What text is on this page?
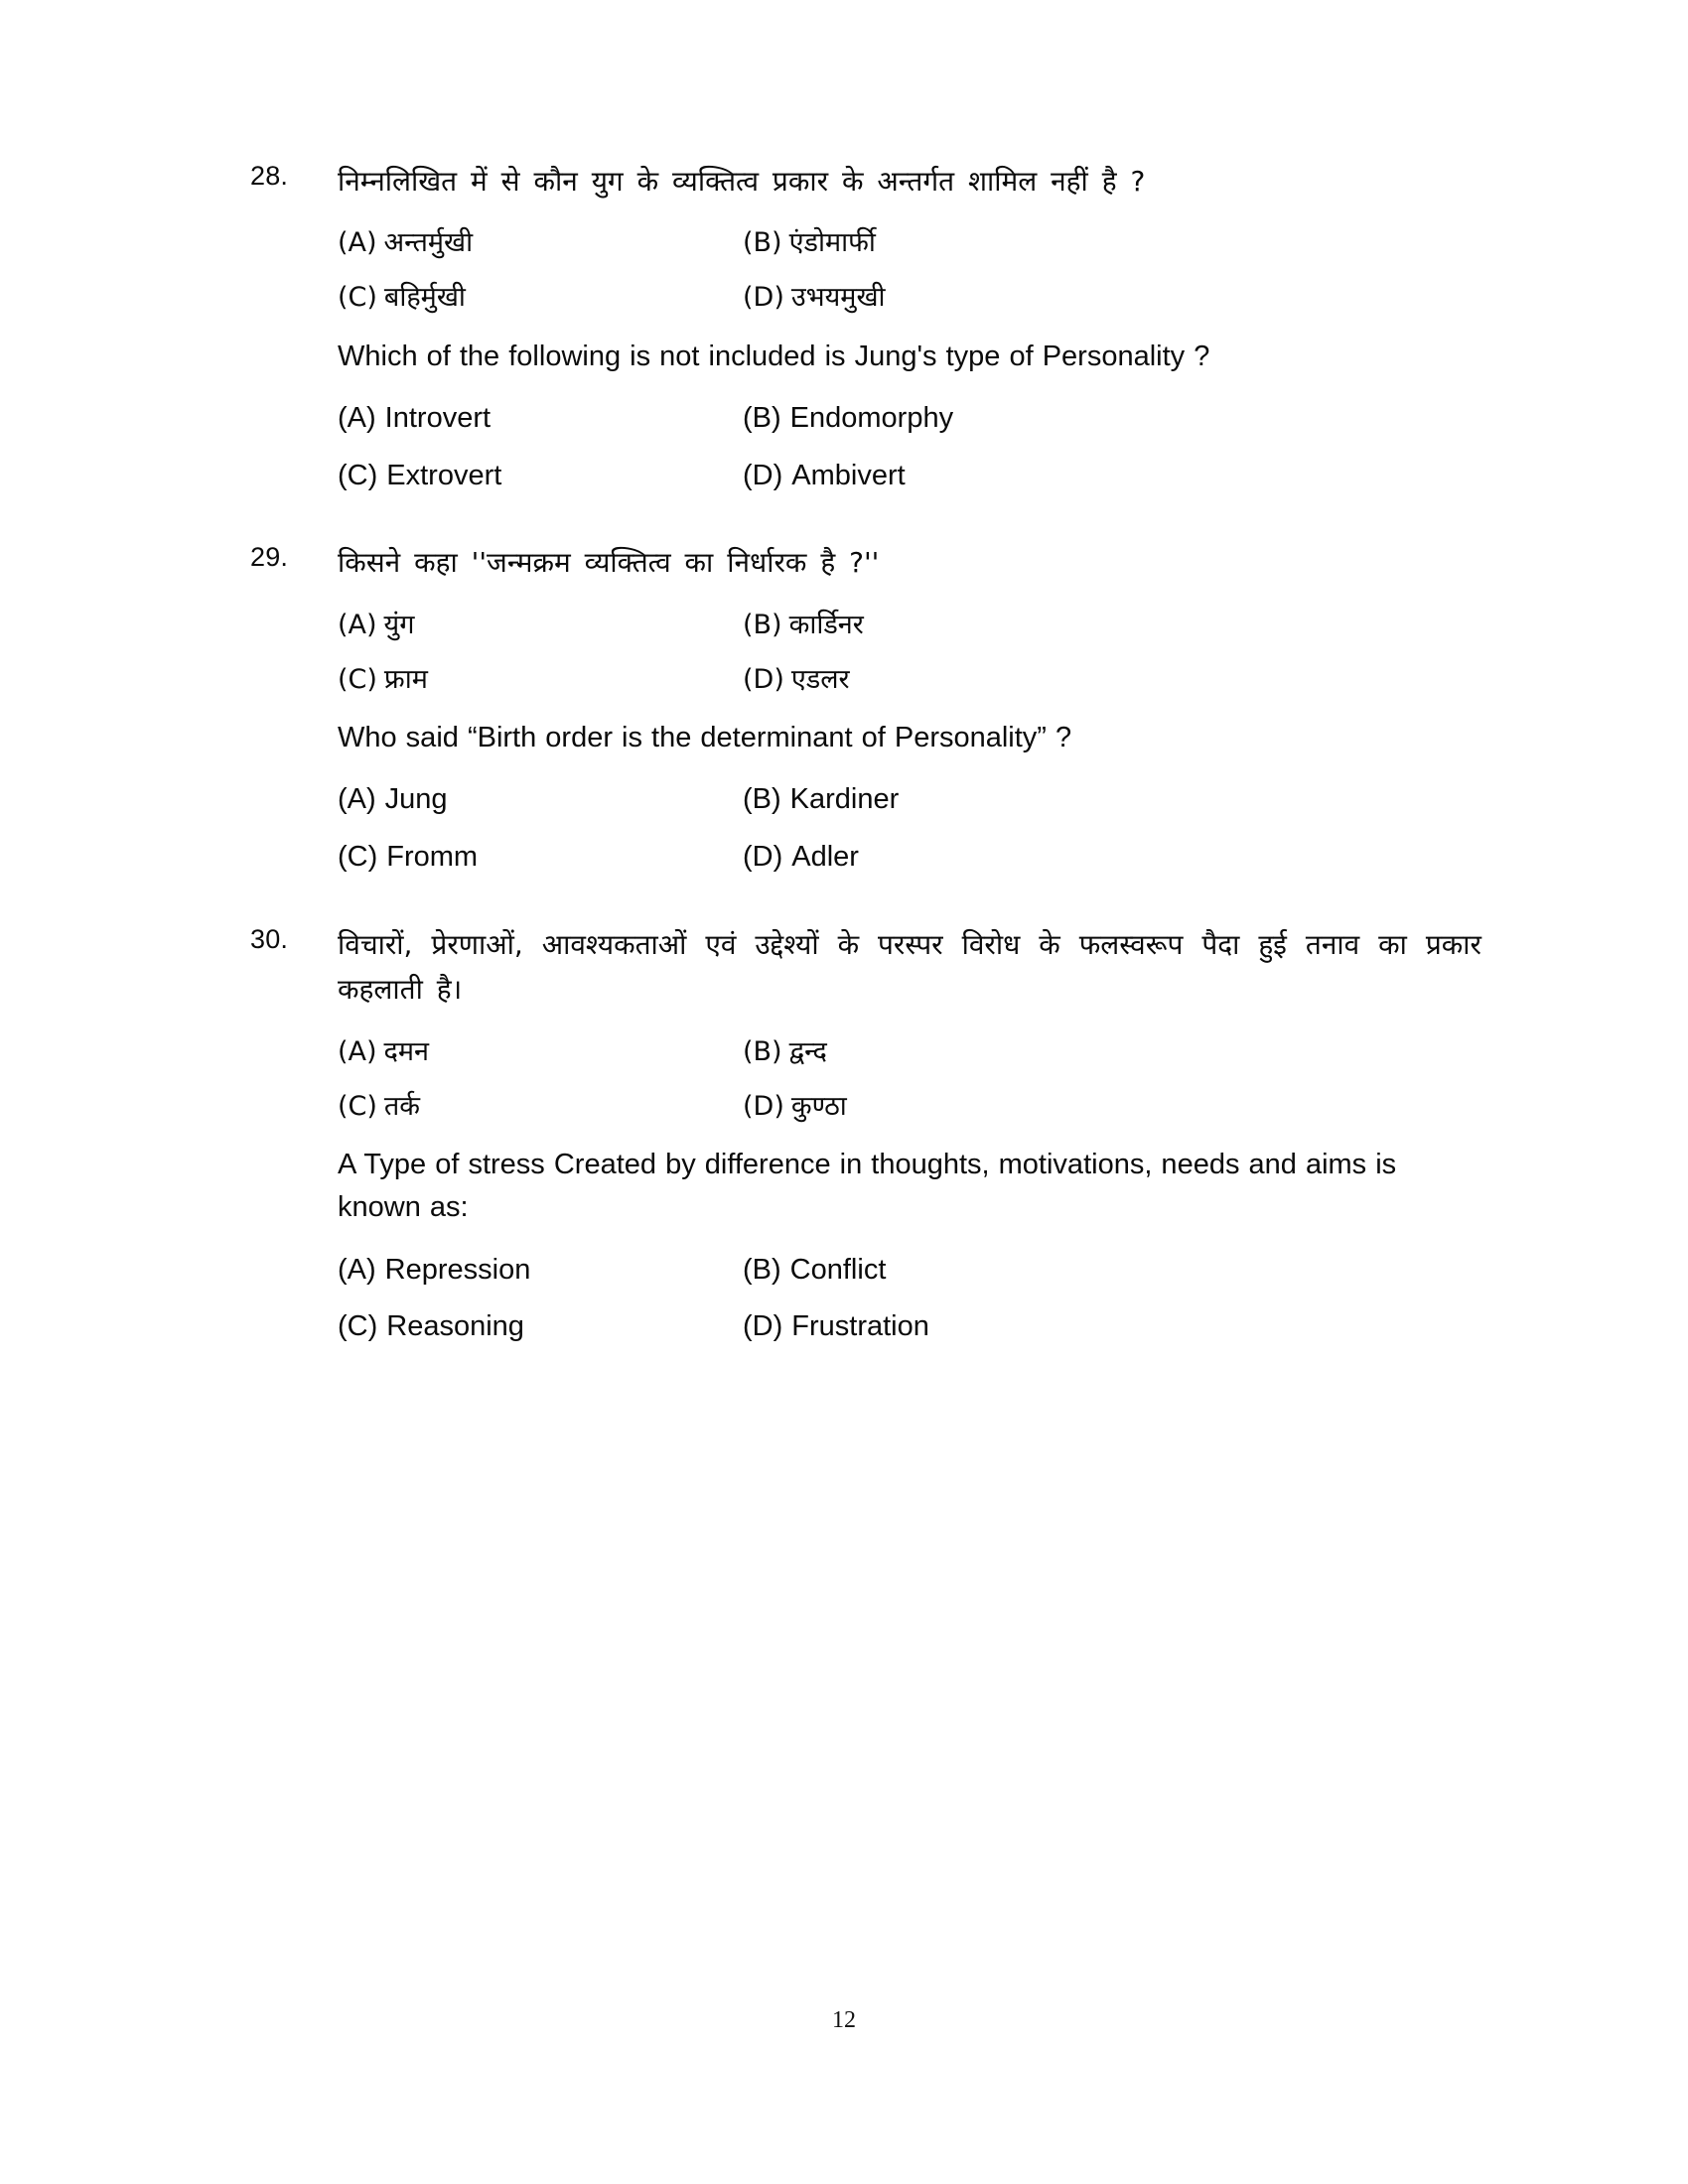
28.	निम्नलिखित में से कौन युग के व्यक्तित्व प्रकार के अन्तर्गत शामिल नहीं है ?
(A) अन्तर्मुखी	(B) एंडोमार्फी
(C) बहिर्मुखी	(D) उभयमुखी
Which of the following is not included is Jung's type of Personality ?
(A) Introvert	(B) Endomorphy
(C) Extrovert	(D) Ambivert
29.	किसने कहा ''जन्मक्रम व्यक्तित्व का निर्धारक है ?''
(A) युंग	(B) कार्डिनर
(C) फ्राम	(D) एडलर
Who said “Birth order is the determinant of Personality” ?
(A) Jung	(B) Kardiner
(C) Fromm	(D) Adler
30.	विचारों, प्रेरणाओं, आवश्यकताओं एवं उद्देश्यों के परस्पर विरोध के फलस्वरूप पैदा हुई तनाव का प्रकार कहलाती है।
(A) दमन	(B) द्वन्द
(C) तर्क	(D) कुण्ठा
A Type of stress Created by difference in thoughts, motivations, needs and aims is known as:
(A) Repression	(B) Conflict
(C) Reasoning	(D) Frustration
12
